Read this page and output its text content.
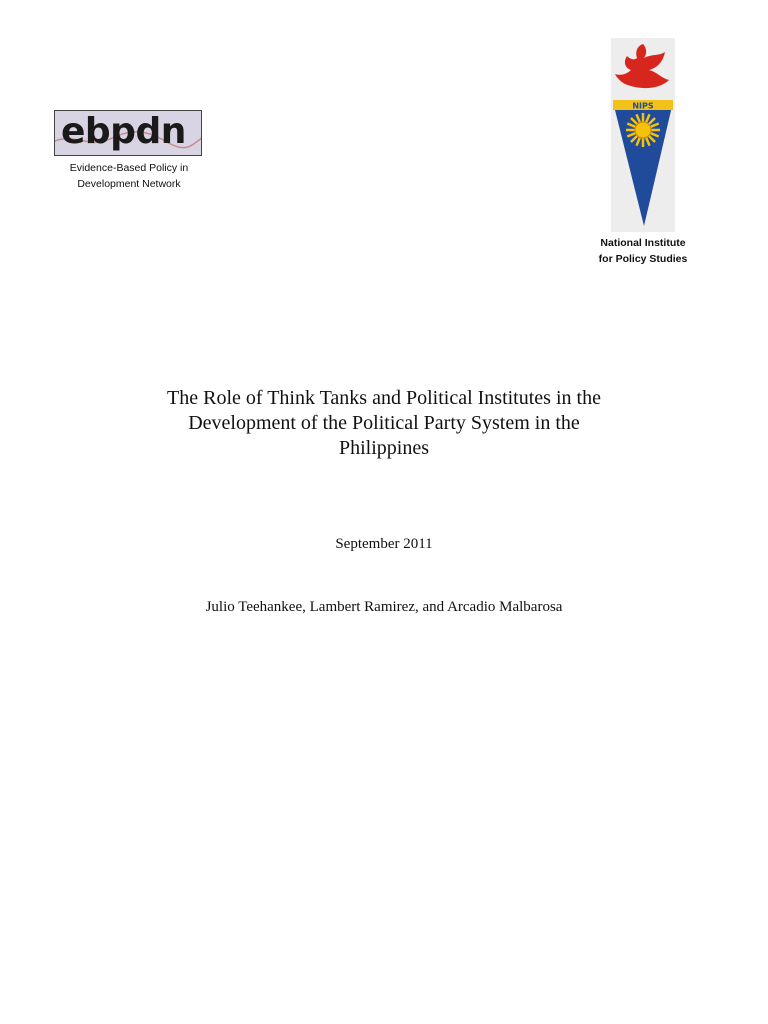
ebpdn
Evidence-Based Policy in
Development Network
NIPS
National Institute
for Policy Studies
The Role of Think Tanks and Political Institutes in the
Development of the Political Party System in the
Philippines
September 2011
Julio Teehankee, Lambert Ramirez, and Arcadio Malbarosa
